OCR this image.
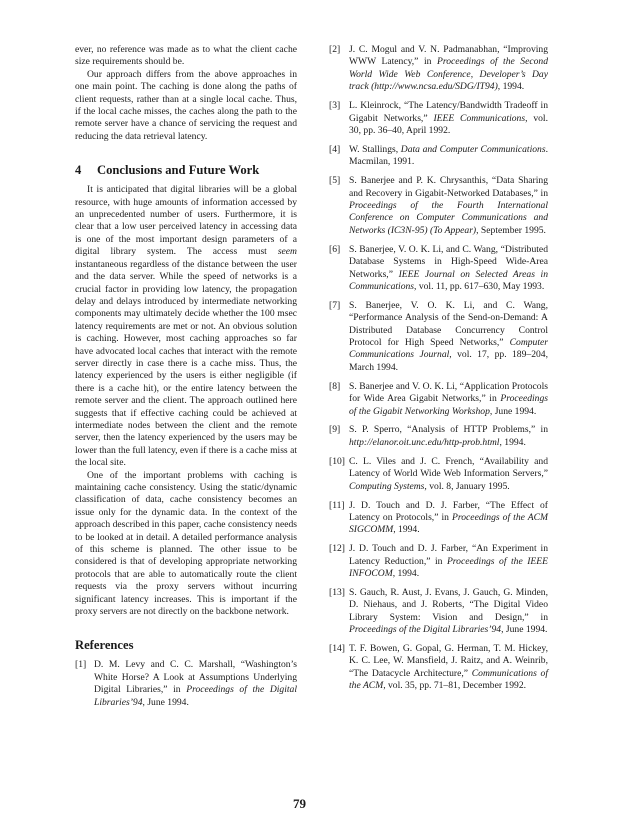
ever, no reference was made as to what the client cache size requirements should be.

Our approach differs from the above approaches in one main point. The caching is done along the paths of client requests, rather than at a single local cache. Thus, if the local cache misses, the caches along the path to the remote server have a chance of servicing the request and reducing the data retrieval latency.

4 Conclusions and Future Work

It is anticipated that digital libraries will be a global resource, with huge amounts of information accessed by an unprecedented number of users. Furthermore, it is clear that a low user perceived latency in accessing data is one of the most important design parameters of a digital library system. The access must seem instantaneous regardless of the distance between the user and the data server. While the speed of networks is a crucial factor in providing low latency, the propagation delay and delays introduced by intermediate networking components may ultimately decide whether the 100 msec latency requirements are met or not. An obvious solution is caching. However, most caching approaches so far have advocated local caches that interact with the remote server directly in case there is a cache miss. Thus, the latency experienced by the users is either negligible (if there is a cache hit), or the entire latency between the remote server and the client. The approach outlined here suggests that if effective caching could be achieved at intermediate nodes between the client and the remote server, then the latency experienced by the users may be lower than the full latency, even if there is a cache miss at the local site.

One of the important problems with caching is maintaining cache consistency. Using the static/dynamic classification of data, cache consistency becomes an issue only for the dynamic data. In the context of the approach described in this paper, cache consistency needs to be looked at in detail. A detailed performance analysis of this scheme is planned. The other issue to be considered is that of developing appropriate networking protocols that are able to automatically route the client requests via the proxy servers without incurring significant latency increases. This is important if the proxy servers are not directly on the backbone network.

References
[1] D. M. Levy and C. C. Marshall, “Washington’s White Horse? A Look at Assumptions Underlying Digital Libraries,” in Proceedings of the Digital Libraries’94, June 1994.
[2] J. C. Mogul and V. N. Padmanabhan, “Improving WWW Latency,” in Proceedings of the Second World Wide Web Conference, Developer’s Day track (http://www.ncsa.edu/SDG/IT94), 1994.
[3] L. Kleinrock, “The Latency/Bandwidth Tradeoff in Gigabit Networks,” IEEE Communications, vol. 30, pp. 36–40, April 1992.
[4] W. Stallings, Data and Computer Communications. Macmilan, 1991.
[5] S. Banerjee and P. K. Chrysanthis, “Data Sharing and Recovery in Gigabit-Networked Databases,” in Proceedings of the Fourth International Conference on Computer Communications and Networks (IC3N-95) (To Appear), September 1995.
[6] S. Banerjee, V. O. K. Li, and C. Wang, “Distributed Database Systems in High-Speed Wide-Area Networks,” IEEE Journal on Selected Areas in Communications, vol. 11, pp. 617–630, May 1993.
[7] S. Banerjee, V. O. K. Li, and C. Wang, “Performance Analysis of the Send-on-Demand: A Distributed Database Concurrency Control Protocol for High Speed Networks,” Computer Communications Journal, vol. 17, pp. 189–204, March 1994.
[8] S. Banerjee and V. O. K. Li, “Application Protocols for Wide Area Gigabit Networks,” in Proceedings of the Gigabit Networking Workshop, June 1994.
[9] S. P. Sperro, “Analysis of HTTP Problems,” in http://elanor.oit.unc.edu/http-prob.html, 1994.
[10] C. L. Viles and J. C. French, “Availability and Latency of World Wide Web Information Servers,” Computing Systems, vol. 8, January 1995.
[11] J. D. Touch and D. J. Farber, “The Effect of Latency on Protocols,” in Proceedings of the ACM SIGCOMM, 1994.
[12] J. D. Touch and D. J. Farber, “An Experiment in Latency Reduction,” in Proceedings of the IEEE INFOCOM, 1994.
[13] S. Gauch, R. Aust, J. Evans, J. Gauch, G. Minden, D. Niehaus, and J. Roberts, “The Digital Video Library System: Vision and Design,” in Proceedings of the Digital Libraries’94, June 1994.
[14] T. F. Bowen, G. Gopal, G. Herman, T. M. Hickey, K. C. Lee, W. Mansfield, J. Raitz, and A. Weinrib, “The Datacycle Architecture,” Communications of the ACM, vol. 35, pp. 71–81, December 1992.
79
